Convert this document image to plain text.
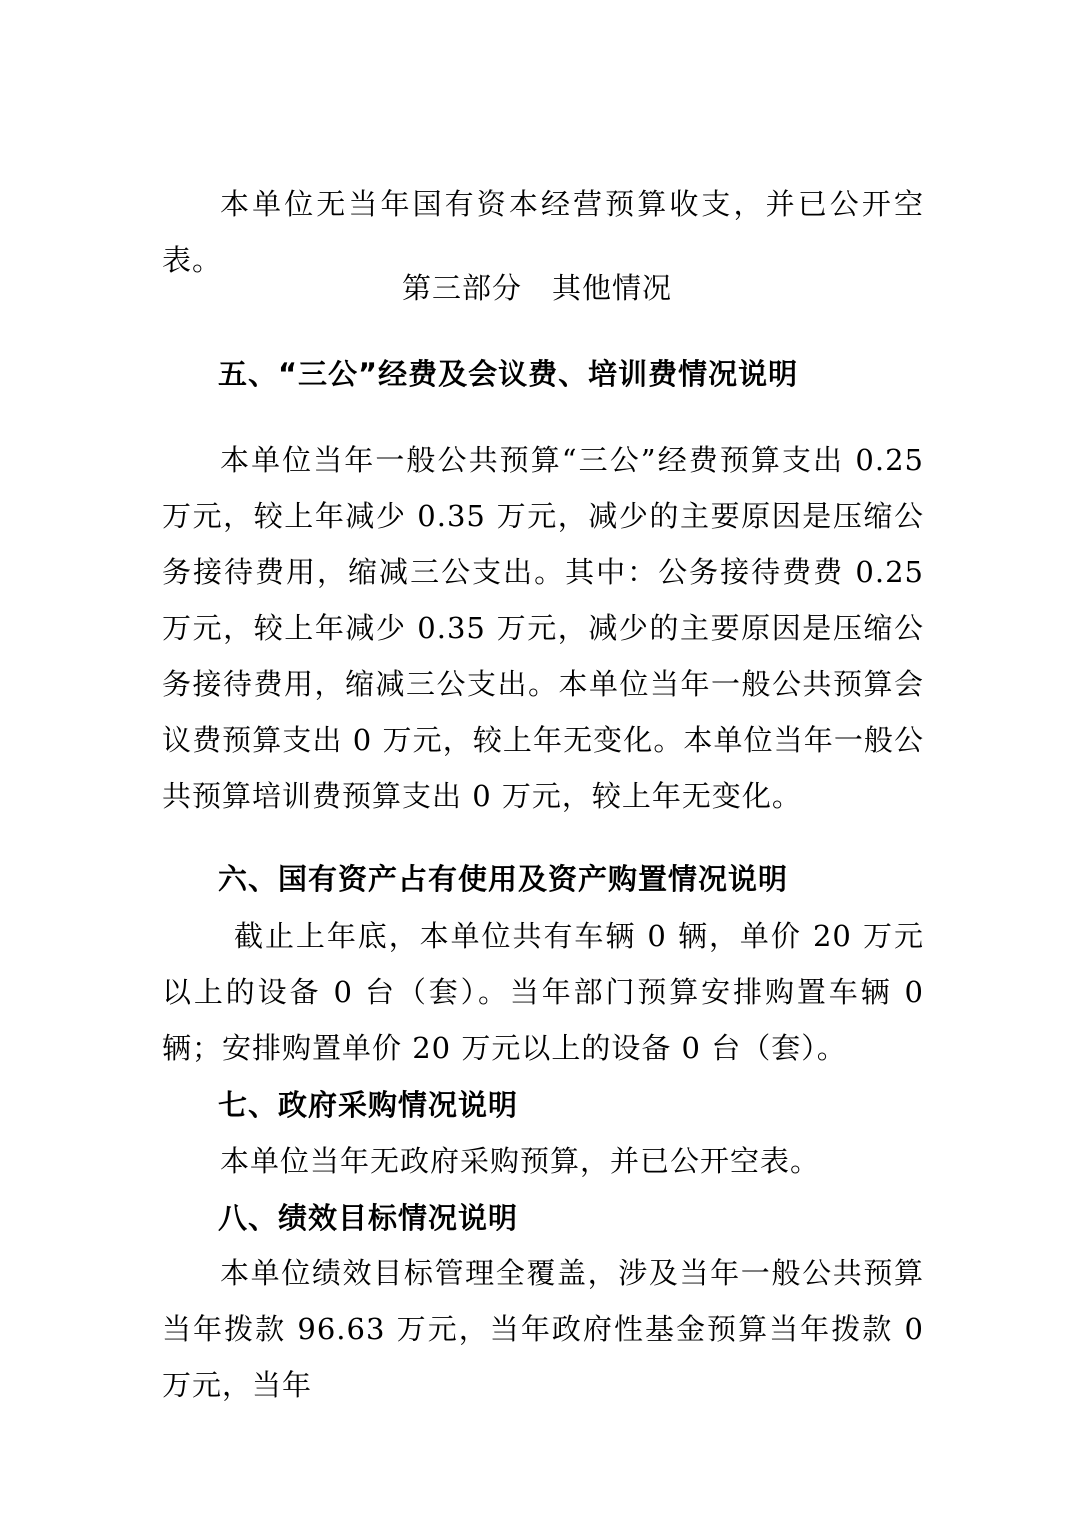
本单位无当年国有资本经营预算收支，并已公开空表。

第三部分　其他情况

五、“三公”经费及会议费、培训费情况说明

本单位当年一般公共预算“三公”经费预算支出 0.25 万元，较上年减少 0.35 万元，减少的主要原因是压缩公务接待费用，缩减三公支出。其中：公务接待费费 0.25 万元，较上年减少 0.35 万元，减少的主要原因是压缩公务接待费用，缩减三公支出。本单位当年一般公共预算会议费预算支出 0 万元，较上年无变化。本单位当年一般公共预算培训费预算支出 0 万元，较上年无变化。

六、国有资产占有使用及资产购置情况说明

截止上年底，本单位共有车辆 0 辆，单价 20 万元以上的设备 0 台（套）。当年部门预算安排购置车辆 0 辆；安排购置单价 20 万元以上的设备 0 台（套）。

七、政府采购情况说明

本单位当年无政府采购预算，并已公开空表。

八、绩效目标情况说明

本单位绩效目标管理全覆盖，涉及当年一般公共预算当年拨款 96.63 万元，当年政府性基金预算当年拨款 0 万元，当年
